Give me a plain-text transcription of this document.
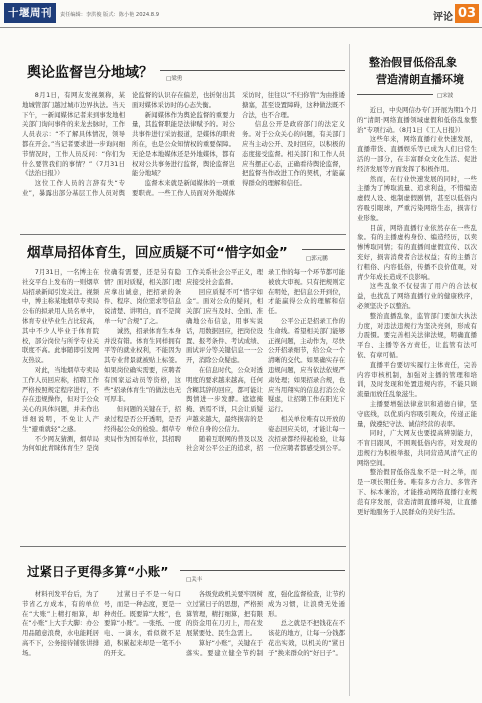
十堰周刊	责任编辑：李洪俊 版式：陈小艳 2024.8.9	评论 03
舆论监督岂分地域？ □梁勇

8月1日，有网友发视频称，某地城管部门越过城市边界执法。当天下午，一新闻媒体记者来到事发地相关部门询问事件的来龙去脉时，工作人员表示：“不了解具体情况，领导都在开会。”当记者要求进一步询问细节情况时，工作人员反问：“你们为什么要管我们的事情？”（7月31日《法治日报》）

这位工作人员的言辞有失“专业”，暴露出部分基层工作人员对舆论监督的认识存在偏差，也折射出其面对媒体采访时的心态失衡。

新闻媒体作为舆论监督的重要力量，其监督职能是法律赋予的。对公共事件进行采访报道，是媒体的职责所在，也是公众知情权的重要保障。无论是本地媒体还是外地媒体，都有权对公共事务进行监督，舆论监督岂能分地域？

监督本来就是新闻媒体的一项重要职责。一些工作人员面对外地媒体采访时，往往以“不归你管”为由推诿搪塞，甚至设置障碍，这种做法既不合法，也不合理。

信息公开是政府部门的法定义务。对于公众关心的问题，有关部门应当主动公开、及时回应，以积极的态度接受监督。相关部门和工作人员应当摆正心态，正确看待舆论监督，把监督当作改进工作的契机，才能赢得群众的理解和信任。

烟草局招体育生，回应质疑不可“惜字如金”	□郭元鹏

7月31日，一名博主在社交平台上发布的一则烟草局招录新闻引发关注。视频中，博主称某地烟草专卖局公布的拟录用人员名单中，体育专业毕业生占比较高，其中不少人毕业于体育院校，部分岗位与所学专业关联度不高。此事随即引发网友热议。

对此，当地烟草专卖局工作人员回应称，招聘工作严格按照规定程序进行，不存在违规操作，但对于公众关心的具体问题，并未作出详细说明，不免让人产生“避重就轻”之感。

不少网友猜测，烟草局为何如此青睐体育生？是岗位确有需要，还是另有隐情？面对质疑，相关部门理应拿出诚意，把招录的条件、程序、岗位需求等信息说清楚、讲明白，而不是简单一句“合规”了之。

诚然，招录体育生本身并没有错。体育生同样拥有平等的就业权利，不能因为其专业背景就被贴上标签。如果岗位确实需要，应聘者有国家运动员等资格，这些“招录体育生”的做法也无可厚非。

但问题的关键在于，招录过程是否公开透明，是否经得起公众的检验。烟草专卖局作为国有单位，其招聘工作关系社会公平正义，理应接受社会监督。

回应质疑不可“惜字如金”。面对公众的疑问，相关部门应当及时、全面、准确地公布信息，用事实说话，用数据回应，把岗位设置、报考条件、考试成绩、面试评分等关键信息一一公开，消除公众疑虑。

在信息时代，公众对透明度的要求越来越高，任何含糊其辞的回应，都可能让舆情进一步发酵。遮遮掩掩、语焉不详，只会让质疑声越来越大，最终损害的是单位自身的公信力。

随着互联网的普及以及社会对公平公正的追求，招录工作的每一个环节都可能被放大审视。只有把规则定在明处，把信息公开到位，才能赢得公众的理解和信任。

公平公正是招录工作的生命线。希望相关部门能够正视问题，主动作为，尽快公开招录细节，给公众一个清晰的交代。如果确实存在违规问题，应当依法依规严肃处理；如果招录合规，也应当用翔实的信息打消公众疑虑，让招聘工作在阳光下运行。

相关单位唯有以开放的姿态回应关切，才能让每一次招录都经得起检验，让每一位应聘者都感受到公平。

过紧日子更得多算“小账”
□关丰

材料刊发平台后，为了节省乙方成本，有的单位在“大账”上精打细算，却在“小账”上大手大脚：办公用品随意浪费，水电能耗居高不下，公务接待铺张讲排场。

过紧日子不是一句口号，而是一种态度，更是一种责任。既要算“大账”，也要算“小账”。一张纸、一度电、一滴水，看似微不足道，积累起来却是一笔不小的开支。

各级党政机关要牢固树立过紧日子的思想，严格预算管理，精打细算，把有限的资金用在刀刃上，用在发展紧要处、民生急需上。

算好“小账”，关键在于落实。要建立健全节约制度，强化监督检查，让节约成为习惯，让浪费无处遁形。

总之就是不把钱花在不该花的地方，让每一分钱都花出实效，以机关的“紧日子”换来群众的“好日子”。

整治假冒低俗乱象
营造清朗直播环境
□宋波

近日，中央网信办专门开展为期1个月的“清朗·网络直播领域虚假和低俗乱象整治”专项行动。（8月1日《工人日报》）

这些年来，网络直播行业快速发展，直播带货、直播娱乐等已成为人们日常生活的一部分，在丰富群众文化生活、促进经济发展等方面发挥了积极作用。

然而，在行业快速发展的同时，一些主播为了博取流量、追求利益，不惜编造虚假人设、炮制虚假剧情，甚至以低俗内容吸引眼球，严重污染网络生态，损害行业形象。

目前，网络直播行业依然存在一些乱象。有的主播虚构身份、编造经历，以卖惨博取同情；有的直播间虚假宣传、以次充好，损害消费者合法权益；有的主播言行粗俗、内容低俗，传播不良价值观，对青少年成长造成不良影响。

这些乱象不仅侵害了用户的合法权益，也扰乱了网络直播行业的健康秩序，必须坚决予以整治。

整治直播乱象，监管部门要加大执法力度，对违法违规行为坚决亮剑，形成有力震慑。要完善相关法律法规，明确直播平台、主播等各方责任，让监管有法可依、有章可循。

直播平台要切实履行主体责任，完善内容审核机制，加强对主播的管理和培训，及时发现和处置违规内容，不能只顾流量而放任乱象滋生。

主播要增强法律意识和道德自律，坚守底线，以优质内容吸引观众，传递正能量，做遵纪守法、诚信经营的表率。

同时，广大网友也要提高辨别能力，不盲目跟风，不围观低俗内容，对发现的违规行为积极举报，共同营造风清气正的网络空间。

整治假冒低俗乱象不是一时之举，而是一项长期任务。唯有多方合力、多管齐下、标本兼治，才能推动网络直播行业规范有序发展，营造清朗直播环境，让直播更好地服务于人民群众的美好生活。
